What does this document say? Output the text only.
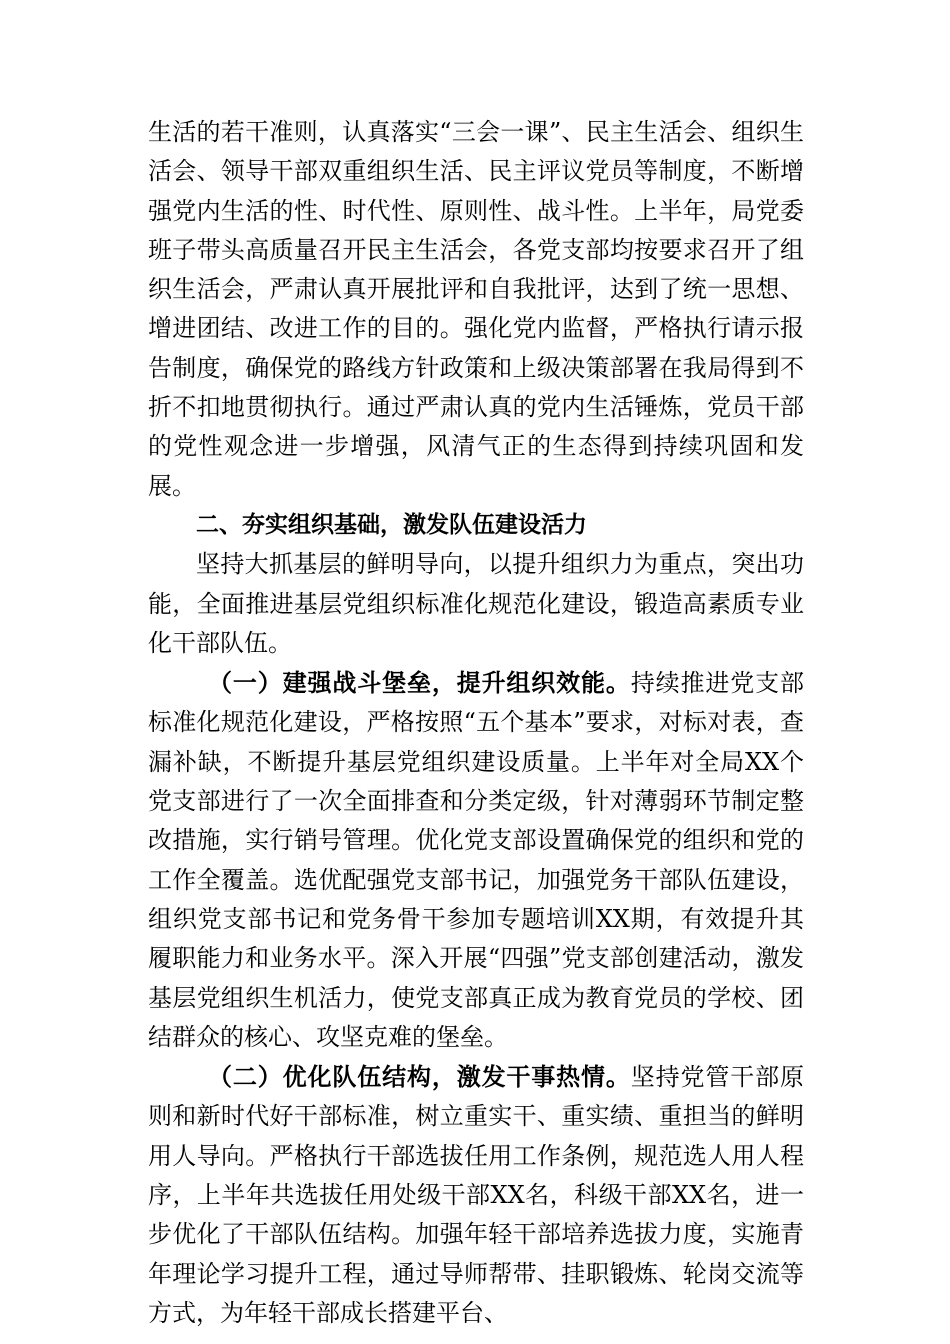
生活的若干准则，认真落实“三会一课”、民主生活会、组织生活会、领导干部双重组织生活、民主评议党员等制度，不断增强党内生活的性、时代性、原则性、战斗性。上半年，局党委班子带头高质量召开民主生活会，各党支部均按要求召开了组织生活会，严肃认真开展批评和自我批评，达到了统一思想、增进团结、改进工作的目的。强化党内监督，严格执行请示报告制度，确保党的路线方针政策和上级决策部署在我局得到不折不扣地贯彻执行。通过严肃认真的党内生活锤炼，党员干部的党性观念进一步增强，风清气正的生态得到持续巩固和发展。

二、夯实组织基础，激发队伍建设活力

坚持大抓基层的鲜明导向，以提升组织力为重点，突出功能，全面推进基层党组织标准化规范化建设，锻造高素质专业化干部队伍。

（一）建强战斗堡垒，提升组织效能。持续推进党支部标准化规范化建设，严格按照“五个基本”要求，对标对表，查漏补缺，不断提升基层党组织建设质量。上半年对全局XX个党支部进行了一次全面排查和分类定级，针对薄弱环节制定整改措施，实行销号管理。优化党支部设置确保党的组织和党的工作全覆盖。选优配强党支部书记，加强党务干部队伍建设，组织党支部书记和党务骨干参加专题培训XX期，有效提升其履职能力和业务水平。深入开展“四强”党支部创建活动，激发基层党组织生机活力，使党支部真正成为教育党员的学校、团结群众的核心、攻坚克难的堡垒。

（二）优化队伍结构，激发干事热情。坚持党管干部原则和新时代好干部标准，树立重实干、重实绩、重担当的鲜明用人导向。严格执行干部选拔任用工作条例，规范选人用人程序，上半年共选拔任用处级干部XX名，科级干部XX名，进一步优化了干部队伍结构。加强年轻干部培养选拔力度，实施青年理论学习提升工程，通过导师帮带、挂职锻炼、轮岗交流等方式，为年轻干部成长搭建平台、
